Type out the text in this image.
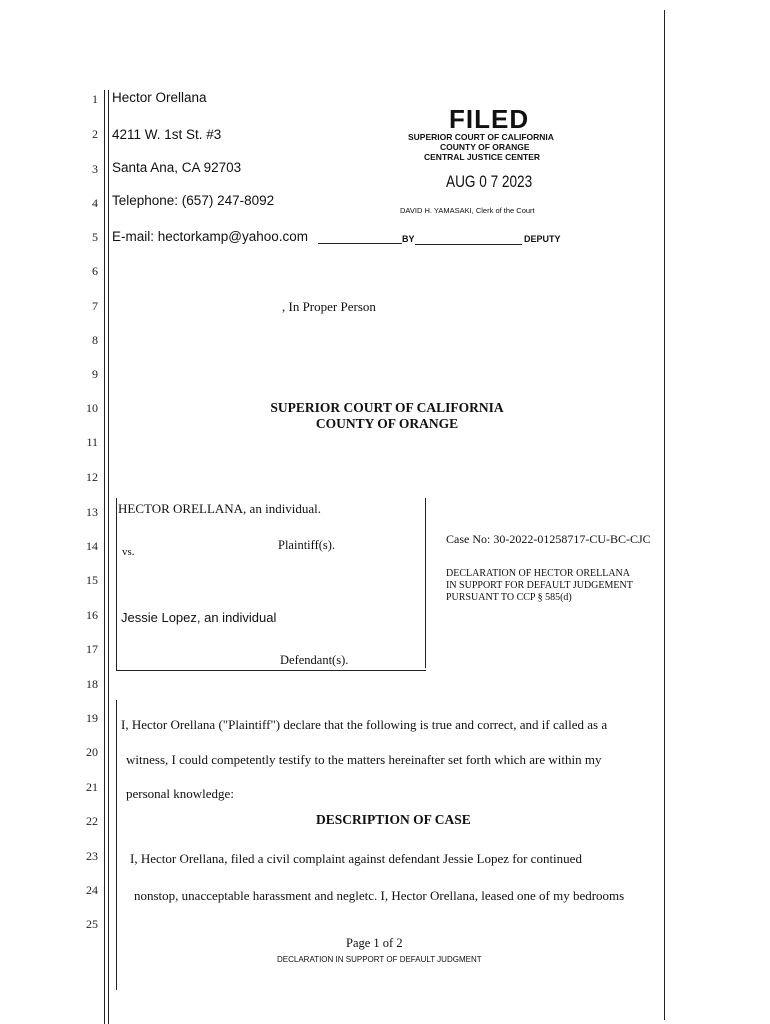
1
2
3
4
5
6
7
8
9
10
11
12
13
14
15
16
17
18
19
20
21
22
23
24
25
Hector Orellana
4211 W. 1st St. #3
Santa Ana, CA 92703
Telephone: (657) 247-8092
E-mail: hectorkamp@yahoo.com
, In Proper Person
FILED
SUPERIOR COURT OF CALIFORNIA
COUNTY OF ORANGE
CENTRAL JUSTICE CENTER
AUG 0 7 2023
DAVID H. YAMASAKI, Clerk of the Court
BY	DEPUTY
SUPERIOR COURT OF CALIFORNIA
COUNTY OF ORANGE
HECTOR ORELLANA, an individual.
vs.	Plaintiff(s).
Jessie Lopez, an individual
Defendant(s).
Case No: 30-2022-01258717-CU-BC-CJC
DECLARATION OF HECTOR ORELLANA
IN SUPPORT FOR DEFAULT JUDGEMENT
PURSUANT TO CCP § 585(d)
I, Hector Orellana ("Plaintiff") declare that the following is true and correct, and if called as a
witness, I could competently testify to the matters hereinafter set forth which are within my
personal knowledge:
DESCRIPTION OF CASE
I, Hector Orellana, filed a civil complaint against defendant Jessie Lopez for continued
nonstop, unacceptable harassment and negletc. I, Hector Orellana, leased one of my bedrooms
Page 1 of 2
DECLARATION IN SUPPORT OF DEFAULT JUDGMENT
